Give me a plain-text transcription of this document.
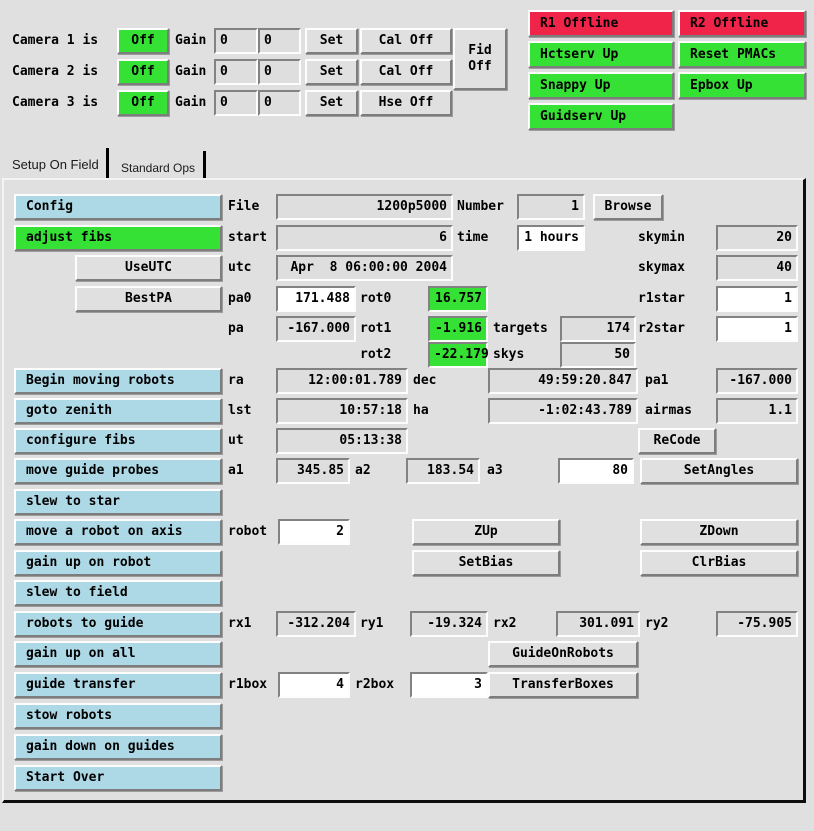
Camera 1 is	Off	Gain	0	0	Set	Cal Off
Camera 2 is	Off	Gain	0	0	Set	Cal Off
Camera 3 is	Off	Gain	0	0	Set	Hse Off
Fid
Off
R1 Offline	R2 Offline
Hctserv Up	Reset PMACs
Snappy Up	Epbox Up
Guidserv Up
Setup On Field	Standard Ops
Config
adjust fibs
UseUTC
BestPA
Begin moving robots
goto zenith
configure fibs
move guide probes
slew to star
move a robot on axis
gain up on robot
slew to field
robots to guide
gain up on all
guide transfer
stow robots
gain down on guides
Start Over
File	1200p5000 Number	1	Browse
start	6 time	1 hours	skymin	20
utc	Apr  8 06:00:00 2004	skymax	40
pa0	171.488 rot0	16.757	r1star	1
pa	-167.000 rot1	-1.916 targets	174 r2star	1
rot2	-22.179 skys	50
ra	12:00:01.789 dec	49:59:20.847	pa1	-167.000
lst	10:57:18 ha	-1:02:43.789	airmas	1.1
ut	05:13:38	ReCode
a1	345.85 a2	183.54	a3	80	SetAngles
robot	2	ZUp	ZDown
SetBias	ClrBias
rx1	-312.204 ry1	-19.324 rx2	301.091 ry2	-75.905
GuideOnRobots
r1box	4 r2box	3	TransferBoxes
